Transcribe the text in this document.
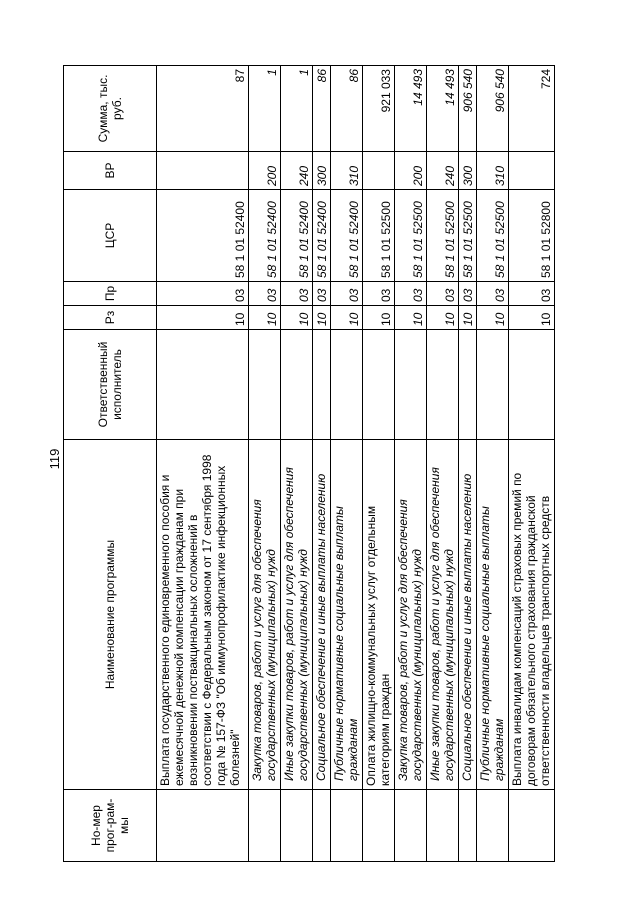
119
Но-мер прог-рам-мы	Наименование программы	Ответственный исполнитель	Рз	Пр	ЦСР	ВР	Сумма, тыс. руб.
	Выплата государственного единовременного пособия и ежемесячной денежной компенсации гражданам при возникновении поствакцинальных осложнений в соответствии с Федеральным законом от 17 сентября 1998 года № 157-ФЗ "Об иммунопрофилактике инфекционных болезней"		10	03	58 1 01 52400		87
	Закупка товаров, работ и услуг для обеспечения государственных (муниципальных) нужд		10	03	58 1 01 52400	200	1
	Иные закупки товаров, работ и услуг для обеспечения государственных (муниципальных) нужд		10	03	58 1 01 52400	240	1
	Социальное обеспечение и иные выплаты населению		10	03	58 1 01 52400	300	86
	Публичные нормативные социальные выплаты гражданам		10	03	58 1 01 52400	310	86
	Оплата жилищно-коммунальных услуг отдельным категориям граждан		10	03	58 1 01 52500		921 033
	Закупка товаров, работ и услуг для обеспечения государственных (муниципальных) нужд		10	03	58 1 01 52500	200	14 493
	Иные закупки товаров, работ и услуг для обеспечения государственных (муниципальных) нужд		10	03	58 1 01 52500	240	14 493
	Социальное обеспечение и иные выплаты населению		10	03	58 1 01 52500	300	906 540
	Публичные нормативные социальные выплаты гражданам		10	03	58 1 01 52500	310	906 540
	Выплата инвалидам компенсаций страховых премий по договорам обязательного страхования гражданской ответственности владельцев транспортных средств		10	03	58 1 01 52800		724
